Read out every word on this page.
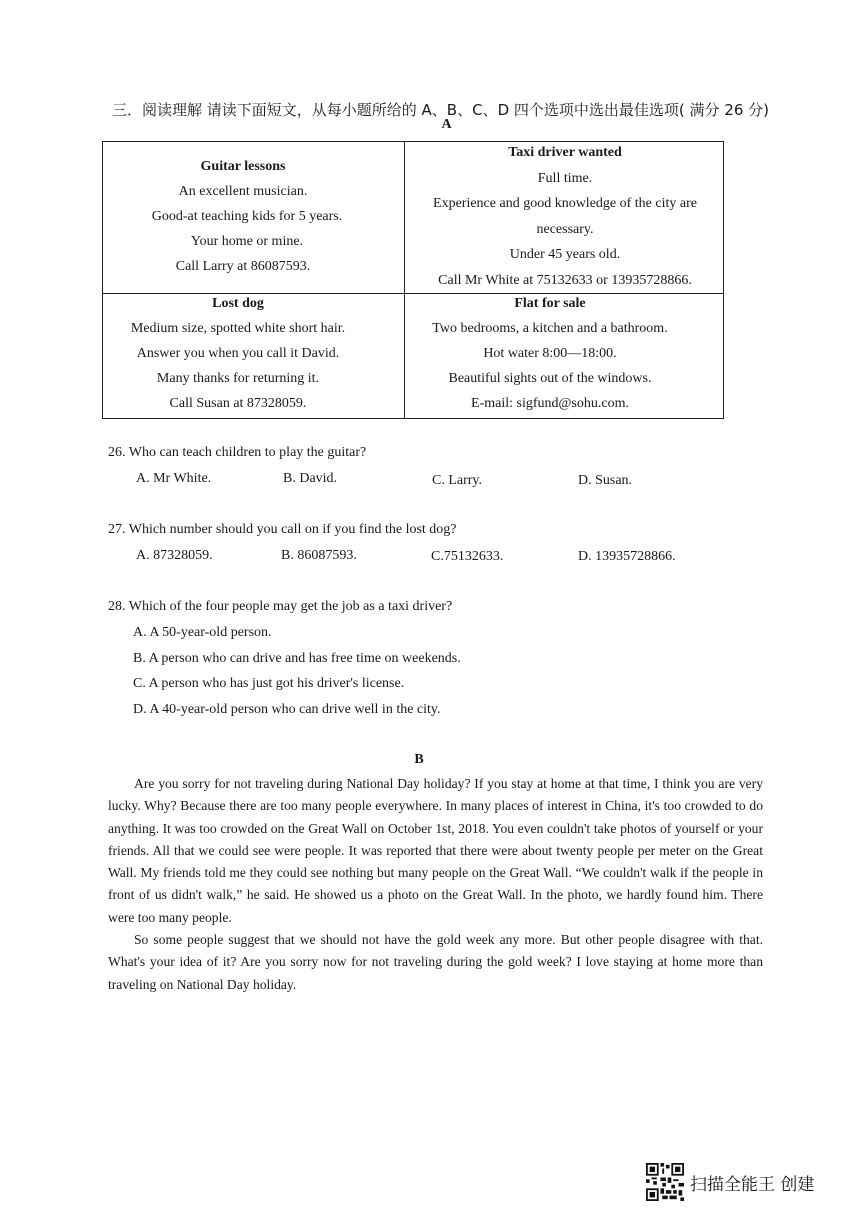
三．阅读理解 请读下面短文，从每小题所给的 A、B、C、D 四个选项中选出最佳选项( 满分 26 分)
A
Guitar lessons
An excellent musician.
Good-at teaching kids for 5 years.
Your home or mine.
Call Larry at 86087593.
Taxi driver wanted
Full time.
Experience and good knowledge of the city are
necessary.
Under 45 years old.
Call Mr White at 75132633 or 13935728866.
Lost dog
Medium size, spotted white short hair.
Answer you when you call it David.
Many thanks for returning it.
Call Susan at 87328059.
Flat for sale
Two bedrooms, a kitchen and a bathroom.
Hot water 8:00—18:00.
Beautiful sights out of the windows.
E-mail: sigfund@sohu.com.
26. Who can teach children to play the guitar?
A. Mr White.	B. David.	C. Larry.	D. Susan.
27. Which number should you call on if you find the lost dog?
A. 87328059.	B. 86087593.	C.75132633.	D. 13935728866.
28. Which of the four people may get the job as a taxi driver?
A. A 50-year-old person.
B. A person who can drive and has free time on weekends.
C. A person who has just got his driver's license.
D. A 40-year-old person who can drive well in the city.
B

Are you sorry for not traveling during National Day holiday? If you stay at home at that time, I think you are very lucky. Why? Because there are too many people everywhere. In many places of interest in China, it's too crowded to do anything. It was too crowded on the Great Wall on October 1st, 2018. You even couldn't take photos of yourself or your friends. All that we could see were people. It was reported that there were about twenty people per meter on the Great Wall. My friends told me they could see nothing but many people on the Great Wall. “We couldn't walk if the people in front of us didn't walk,” he said. He showed us a photo on the Great Wall. In the photo, we hardly found him. There were too many people.

So some people suggest that we should not have the gold week any more. But other people disagree with that. What's your idea of it? Are you sorry now for not traveling during the gold week? I love staying at home more than traveling on National Day holiday.

扫描全能王 创建
